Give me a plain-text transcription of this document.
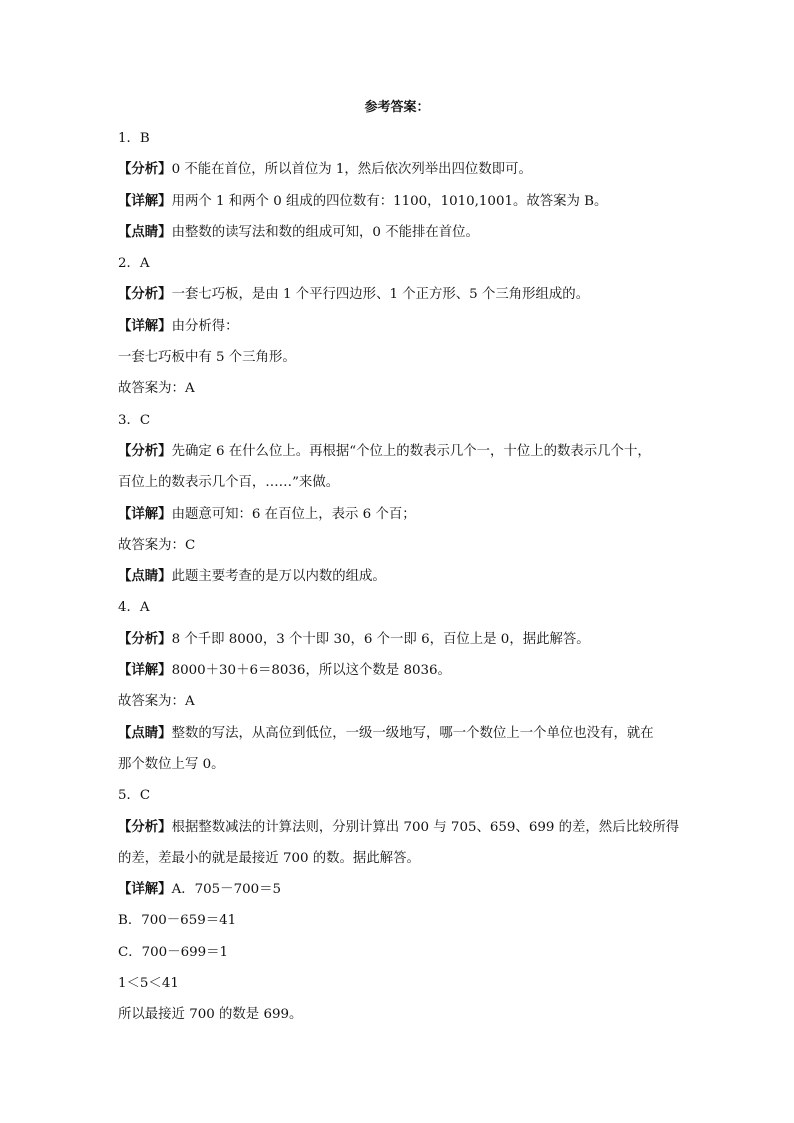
参考答案：
1．B
【分析】0 不能在首位，所以首位为 1，然后依次列举出四位数即可。
【详解】用两个 1 和两个 0 组成的四位数有：1100，1010,1001。故答案为 B。
【点睛】由整数的读写法和数的组成可知，0 不能排在首位。
2．A
【分析】一套七巧板，是由 1 个平行四边形、1 个正方形、5 个三角形组成的。
【详解】由分析得：
一套七巧板中有 5 个三角形。
故答案为：A
3．C
【分析】先确定 6 在什么位上。再根据“个位上的数表示几个一，十位上的数表示几个十，
百位上的数表示几个百，……”来做。
【详解】由题意可知：6 在百位上，表示 6 个百；
故答案为：C
【点睛】此题主要考查的是万以内数的组成。
4．A
【分析】8 个千即 8000，3 个十即 30，6 个一即 6，百位上是 0，据此解答。
【详解】8000＋30＋6＝8036，所以这个数是 8036。
故答案为：A
【点睛】整数的写法，从高位到低位，一级一级地写，哪一个数位上一个单位也没有，就在
那个数位上写 0。
5．C
【分析】根据整数减法的计算法则，分别计算出 700 与 705、659、699 的差，然后比较所得
的差，差最小的就是最接近 700 的数。据此解答。
【详解】A．705－700＝5
B．700－659＝41
C．700－699＝1
1＜5＜41
所以最接近 700 的数是 699。
